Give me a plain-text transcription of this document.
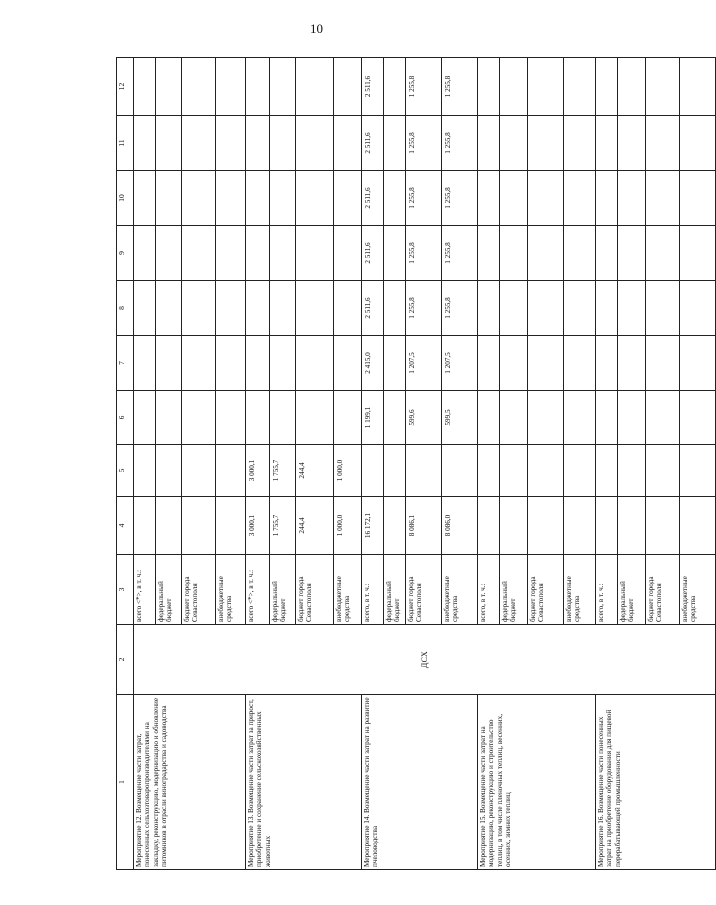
10
1	2	3	4	5	6	7	8	9	10	11	12
Мероприятие 12. Возмещение части затрат, понесенных сельхозтоваропроизводителями на закладку, реконструкцию, модернизацию и обновление питомников в отрасли виноградарства и садоводства	ДСХ	всего <*>, в т. ч.:									
		федеральный бюджет									
		бюджет города Севастополя									
		внебюджетные средства									
Мероприятие 13. Возмещение части затрат за прирост, приобретение и сохранение сельскохозяйственных животных		всего <*>, в т. ч.:	3 000,1	3 000,1							
		федеральный бюджет	1 755,7	1 755,7							
		бюджет города Севастополя	244,4	244,4							
		внебюджетные средства	1 000,0	1 000,0							
Мероприятие 14. Возмещение части затрат на развитие пчеловодства		всего, в т. ч.:	16 172,1		1 199,1	2 415,0	2 511,6	2 511,6	2 511,6	2 511,6	2 511,6
		федеральный бюджет									
		бюджет города Севастополя	8 086,1		599,6	1 207,5	1 255,8	1 255,8	1 255,8	1 255,8	1 255,8
		внебюджетные средства	8 086,0		599,5	1 207,5	1 255,8	1 255,8	1 255,8	1 255,8	1 255,8
Мероприятие 15. Возмещение части затрат на модернизацию, реконструкцию и строительство теплиц, в том числе пленочных теплиц, весенних, осенних, зимних теплиц		всего, в т. ч.:									
		федеральный бюджет									
		бюджет города Севастополя									
		внебюджетные средства									
Мероприятие 16. Возмещение части понесенных затрат на приобретение оборудования для пищевой перерабатывающей промышленности		всего, в т. ч.:									
		федеральный бюджет									
		бюджет города Севастополя									
		внебюджетные средства									
